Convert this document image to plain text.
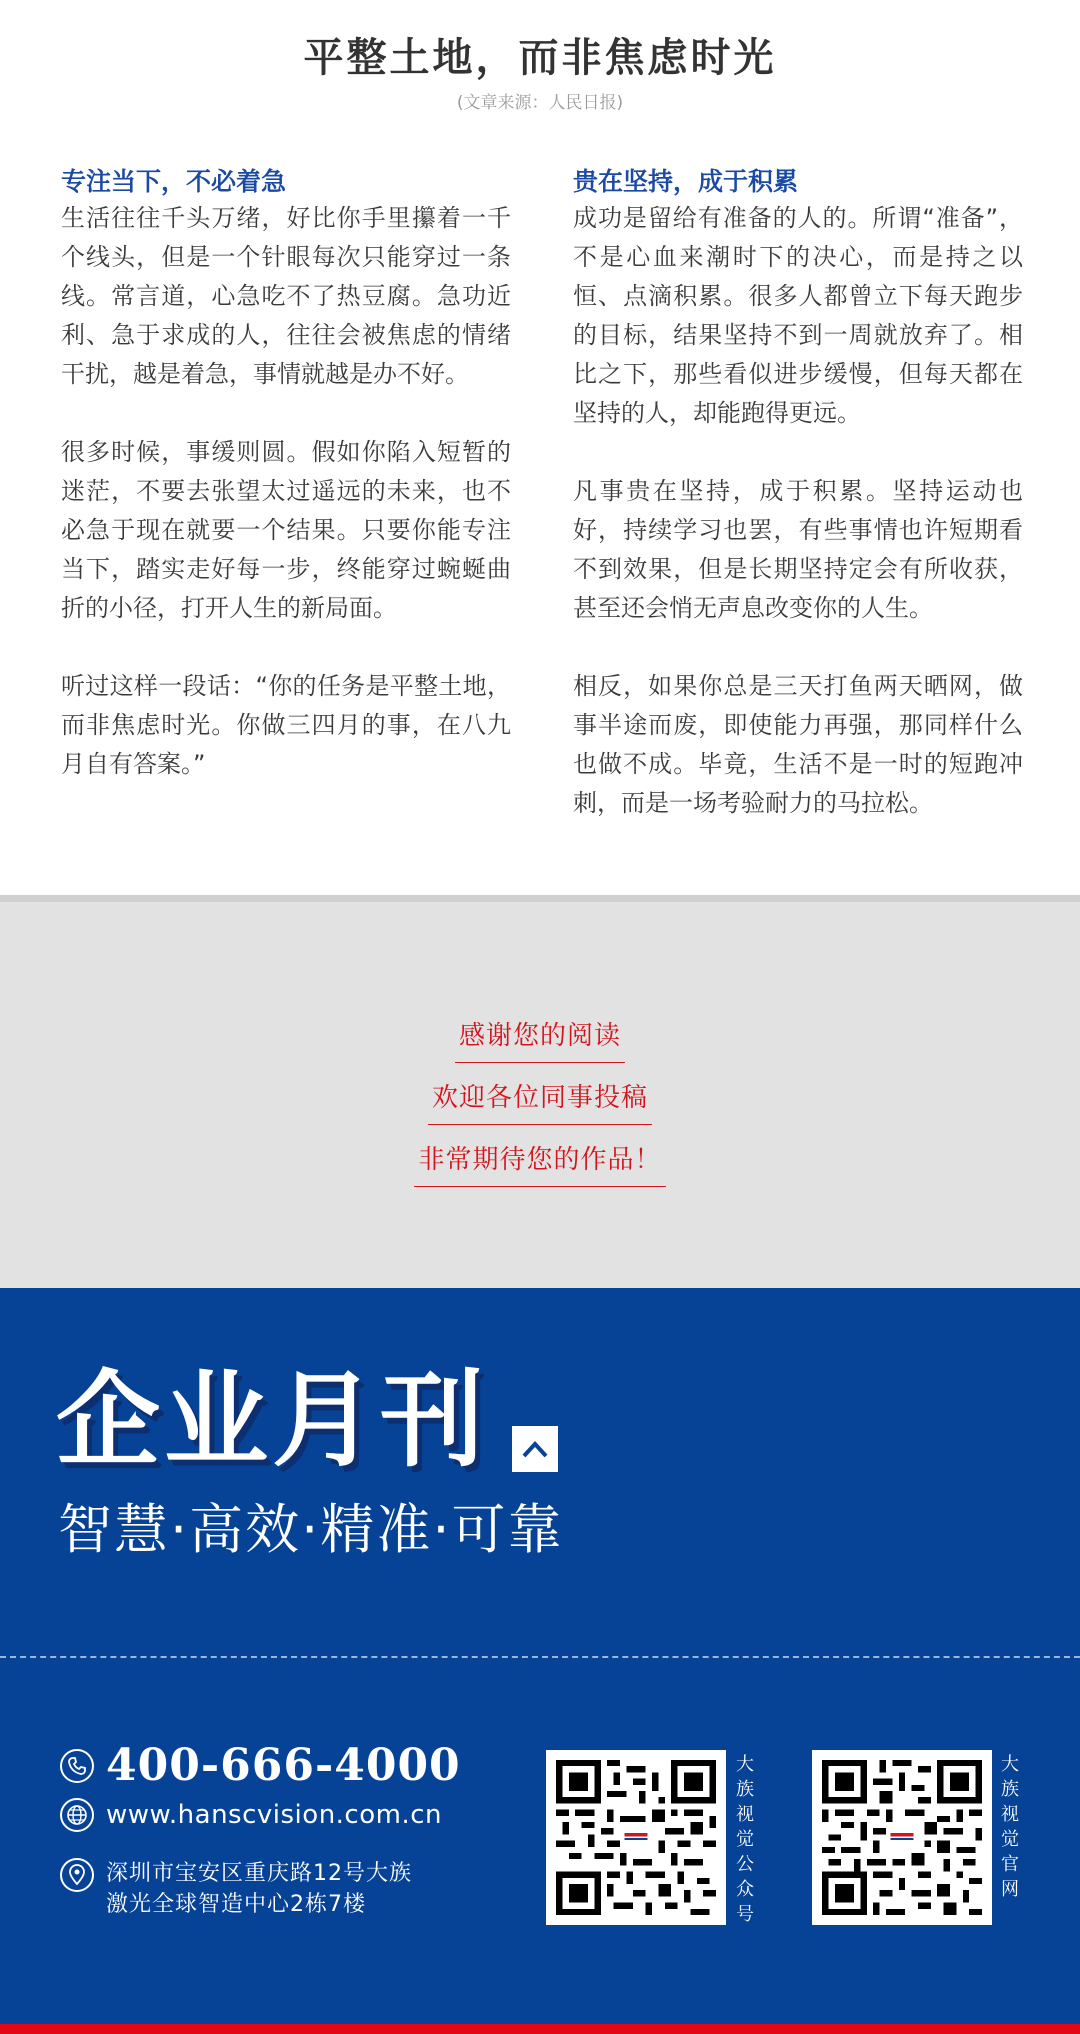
平整土地，而非焦虑时光
(文章来源：人民日报)
专注当下，不必着急

生活往往千头万绪，好比你手里攥着一千个线头，但是一个针眼每次只能穿过一条线。常言道，心急吃不了热豆腐。急功近利、急于求成的人，往往会被焦虑的情绪干扰，越是着急，事情就越是办不好。

很多时候，事缓则圆。假如你陷入短暂的迷茫，不要去张望太过遥远的未来，也不必急于现在就要一个结果。只要你能专注当下，踏实走好每一步，终能穿过蜿蜒曲折的小径，打开人生的新局面。

听过这样一段话：“你的任务是平整土地，而非焦虑时光。你做三四月的事，在八九月自有答案。”

贵在坚持，成于积累

成功是留给有准备的人的。所谓“准备”，不是心血来潮时下的决心，而是持之以恒、点滴积累。很多人都曾立下每天跑步的目标，结果坚持不到一周就放弃了。相比之下，那些看似进步缓慢，但每天都在坚持的人，却能跑得更远。

凡事贵在坚持，成于积累。坚持运动也好，持续学习也罢，有些事情也许短期看不到效果，但是长期坚持定会有所收获，甚至还会悄无声息改变你的人生。

相反，如果你总是三天打鱼两天晒网，做事半途而废，即使能力再强，那同样什么也做不成。毕竟，生活不是一时的短跑冲刺，而是一场考验耐力的马拉松。

感谢您的阅读
欢迎各位同事投稿
非常期待您的作品！
企业月刊
智慧·高效·精准·可靠
400-666-4000
www.hanscvision.com.cn
深圳市宝安区重庆路12号大族激光全球智造中心2栋7楼
大族视觉公众号
大族视觉官网
